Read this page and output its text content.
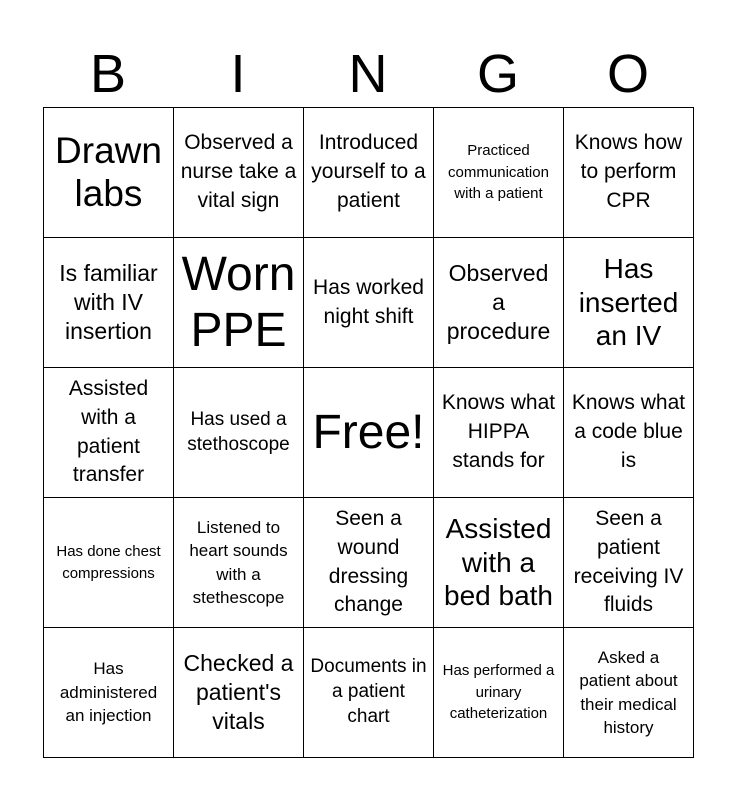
B	I	N	G	O
Drawn labs	Observed a nurse take a vital sign	Introduced yourself to a patient	Practiced communication with a patient	Knows how to perform CPR

Is familiar with IV insertion	Worn PPE	Has worked night shift	Observed a procedure	Has inserted an IV

Assisted with a patient transfer	Has used a stethoscope	Free!	Knows what HIPPA stands for	Knows what a code blue is

Has done chest compressions	Listened to heart sounds with a stethescope	Seen a wound dressing change	Assisted with a bed bath	Seen a patient receiving IV fluids

Has administered an injection	Checked a patient's vitals	Documents in a patient chart	Has performed a urinary catheterization	Asked a patient about their medical history
